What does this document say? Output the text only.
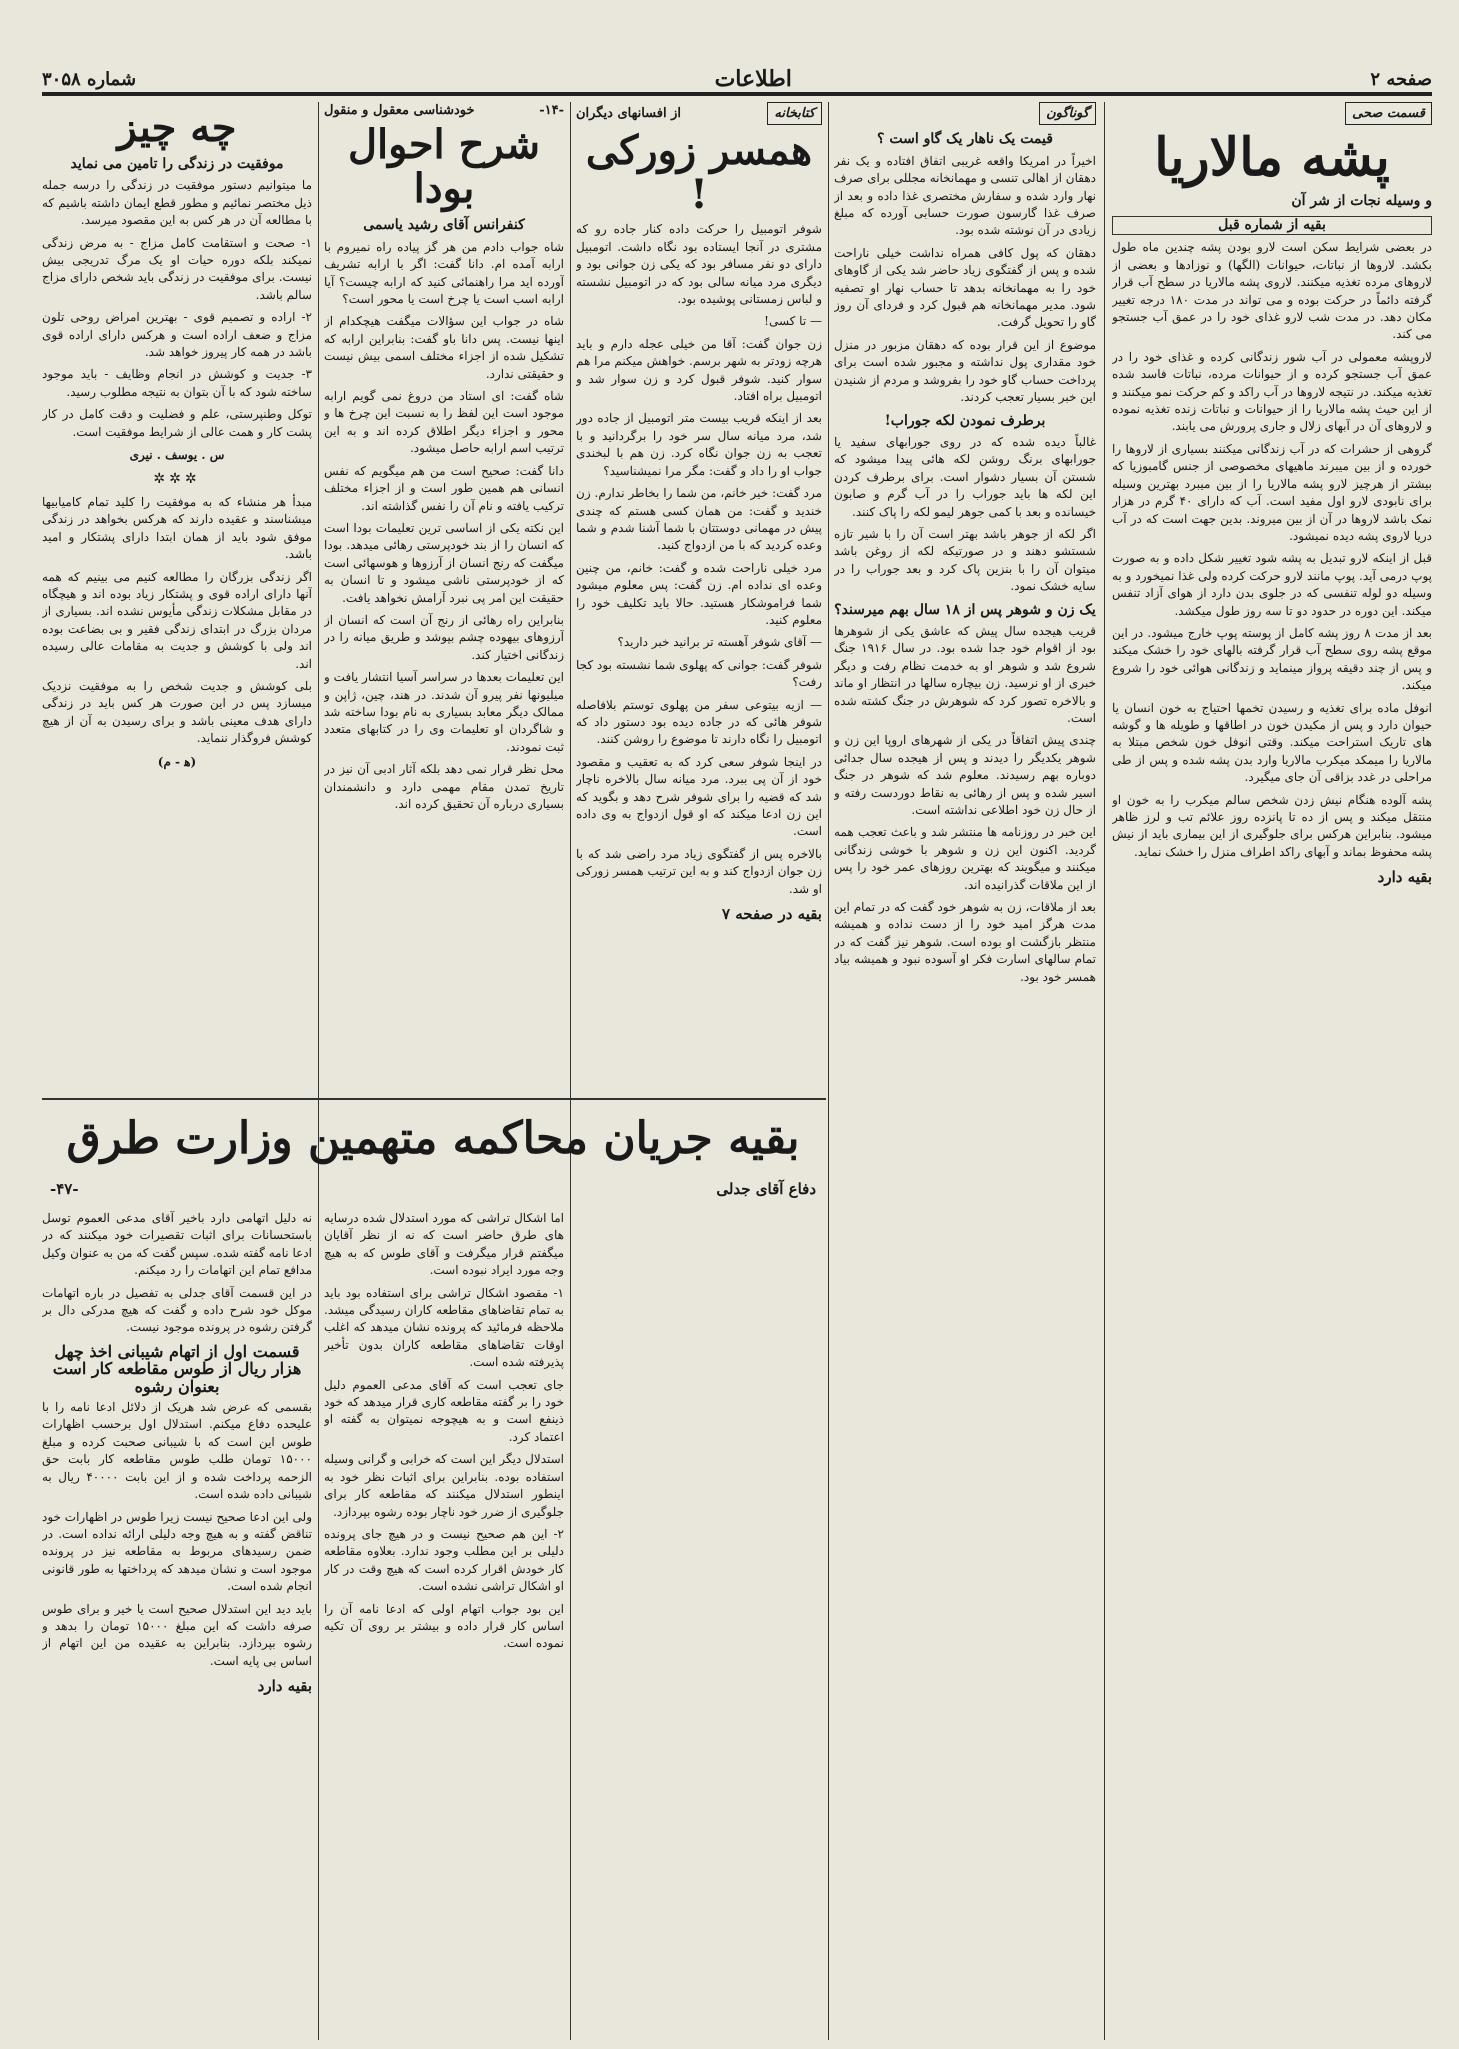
صفحه ۲
اطلاعات
شماره ۳۰۵۸
قسمت صحی
پشه مالاریا
و وسیله نجات از شر آن
بقیه از شماره قبل

در بعضی شرایط سکن است لارو بودن پشه چندین ماه طول بکشد. لاروها از نباتات، حیوانات (الگها) و نوزادها و بعضی از لاروهای مرده تغذیه میکنند. لاروی پشه مالاریا در سطح آب قرار گرفته دائماً در حرکت بوده و می تواند در مدت ۱۸۰ درجه تغییر مکان دهد. در مدت شب لارو غذای خود را در عمق آب جستجو می کند.

لاروپشه معمولی در آب شور زندگانی کرده و غذای خود را در عمق آب جستجو کرده و از حیوانات مرده، نباتات فاسد شده تغذیه میکند. در نتیجه لاروها در آب راکد و کم حرکت نمو میکنند و از این حیث پشه مالاریا را از حیوانات و نباتات زنده تغذیه نموده و لاروهای آن در آبهای زلال و جاری پرورش می یابند.

گروهی از حشرات که در آب زندگانی میکنند بسیاری از لاروها را خورده و از بین میبرند ماهیهای مخصوصی از جنس گامبوزیا که بیشتر از هرچیز لارو پشه مالاریا را از بین میبرد بهترین وسیله برای نابودی لارو اول مفید است. آب که دارای ۴۰ گرم در هزار نمک باشد لاروها در آن از بین میروند. بدین جهت است که در آب دریا لاروی پشه دیده نمیشود.

قبل از اینکه لارو تبدیل به پشه شود تغییر شکل داده و به صورت پوپ درمی آید. پوپ مانند لارو حرکت کرده ولی غذا نمیخورد و به وسیله دو لوله تنفسی که در جلوی بدن دارد از هوای آزاد تنفس میکند. این دوره در حدود دو تا سه روز طول میکشد.

بعد از مدت ۸ روز پشه کامل از پوسته پوپ خارج میشود. در این موقع پشه روی سطح آب قرار گرفته بالهای خود را خشک میکند و پس از چند دقیقه پرواز مینماید و زندگانی هوائی خود را شروع میکند.

انوفل ماده برای تغذیه و رسیدن تخمها احتیاج به خون انسان یا حیوان دارد و پس از مکیدن خون در اطاقها و طویله ها و گوشه های تاریک استراحت میکند. وقتی انوفل خون شخص مبتلا به مالاریا را میمکد میکرب مالاریا وارد بدن پشه شده و پس از طی مراحلی در غدد بزاقی آن جای میگیرد.

پشه آلوده هنگام نیش زدن شخص سالم میکرب را به خون او منتقل میکند و پس از ده تا پانزده روز علائم تب و لرز ظاهر میشود. بنابراین هرکس برای جلوگیری از این بیماری باید از نیش پشه محفوظ بماند و آبهای راکد اطراف منزل را خشک نماید.

بقیه دارد
گوناگون
قیمت یک ناهار یک گاو است ؟

اخیراً در امریکا واقعه غریبی اتفاق افتاده و یک نفر دهقان از اهالی تنسی و مهمانخانه مجللی برای صرف نهار وارد شده و سفارش مختصری غذا داده و بعد از صرف غذا گارسون صورت حسابی آورده که مبلغ زیادی در آن نوشته شده بود.

دهقان که پول کافی همراه نداشت خیلی ناراحت شده و پس از گفتگوی زیاد حاضر شد یکی از گاوهای خود را به مهمانخانه بدهد تا حساب نهار او تصفیه شود. مدیر مهمانخانه هم قبول کرد و فردای آن روز گاو را تحویل گرفت.

موضوع از این قرار بوده که دهقان مزبور در منزل خود مقداری پول نداشته و مجبور شده است برای پرداخت حساب گاو خود را بفروشد و مردم از شنیدن این خبر بسیار تعجب کردند.

برطرف نمودن لکه جوراب!

غالباً دیده شده که در روی جورابهای سفید یا جورابهای برنگ روشن لکه هائی پیدا میشود که شستن آن بسیار دشوار است. برای برطرف کردن این لکه ها باید جوراب را در آب گرم و صابون خیسانده و بعد با کمی جوهر لیمو لکه را پاک کنند.

اگر لکه از جوهر باشد بهتر است آن را با شیر تازه شستشو دهند و در صورتیکه لکه از روغن باشد میتوان آن را با بنزین پاک کرد و بعد جوراب را در سایه خشک نمود.

یک زن و شوهر پس از ۱۸ سال بهم میرسند؟

قریب هیجده سال پیش که عاشق یکی از شوهرها بود از اقوام خود جدا شده بود. در سال ۱۹۱۶ جنگ شروع شد و شوهر او به خدمت نظام رفت و دیگر خبری از او نرسید. زن بیچاره سالها در انتظار او ماند و بالاخره تصور کرد که شوهرش در جنگ کشته شده است.

چندی پیش اتفاقاً در یکی از شهرهای اروپا این زن و شوهر یکدیگر را دیدند و پس از هیجده سال جدائی دوباره بهم رسیدند. معلوم شد که شوهر در جنگ اسیر شده و پس از رهائی به نقاط دوردست رفته و از حال زن خود اطلاعی نداشته است.

این خبر در روزنامه ها منتشر شد و باعث تعجب همه گردید. اکنون این زن و شوهر با خوشی زندگانی میکنند و میگویند که بهترین روزهای عمر خود را پس از این ملاقات گذرانیده اند.

بعد از ملاقات، زن به شوهر خود گفت که در تمام این مدت هرگز امید خود را از دست نداده و همیشه منتظر بازگشت او بوده است. شوهر نیز گفت که در تمام سالهای اسارت فکر او آسوده نبود و همیشه بیاد همسر خود بود.

کتابخانه
از افسانهای دیگران
همسر زورکی !

شوفر اتومبیل را حرکت داده کنار جاده رو که مشتری در آنجا ایستاده بود نگاه داشت. اتومبیل دارای دو نفر مسافر بود که یکی زن جوانی بود و دیگری مرد میانه سالی بود که در اتومبیل نشسته و لباس زمستانی پوشیده بود.

— تا کسی!

زن جوان گفت: آقا من خیلی عجله دارم و باید هرچه زودتر به شهر برسم. خواهش میکنم مرا هم سوار کنید. شوفر قبول کرد و زن سوار شد و اتومبیل براه افتاد.

بعد از اینکه قریب بیست متر اتومبیل از جاده دور شد، مرد میانه سال سر خود را برگردانید و با تعجب به زن جوان نگاه کرد. زن هم با لبخندی جواب او را داد و گفت: مگر مرا نمیشناسید؟

مرد گفت: خیر خانم، من شما را بخاطر ندارم. زن خندید و گفت: من همان کسی هستم که چندی پیش در مهمانی دوستتان با شما آشنا شدم و شما وعده کردید که با من ازدواج کنید.

مرد خیلی ناراحت شده و گفت: خانم، من چنین وعده ای نداده ام. زن گفت: پس معلوم میشود شما فراموشکار هستید. حالا باید تکلیف خود را معلوم کنید.

— آقای شوفر آهسته تر برانید خبر دارید؟

شوفر گفت: جوانی که پهلوی شما نشسته بود کجا رفت؟

— ازیه بیتوعی سفر من پهلوی توستم بلافاصله شوفر هائی که در جاده دیده بود دستور داد که اتومبیل را نگاه دارند تا موضوع را روشن کنند.

در اینجا شوفر سعی کرد که به تعقیب و مقصود خود از آن پی ببرد. مرد میانه سال بالاخره ناچار شد که قضیه را برای شوفر شرح دهد و بگوید که این زن ادعا میکند که او قول ازدواج به وی داده است.

بالاخره پس از گفتگوی زیاد مرد راضی شد که با زن جوان ازدواج کند و به این ترتیب همسر زورکی او شد.

بقیه در صفحه ۷
-۱۴-
خودشناسی معقول و منقول
شرح احوال بودا
کنفرانس آقای رشید یاسمی

شاه جواب دادم من هر گز پیاده راه نمیروم با ارابه آمده ام. دانا گفت: اگر با ارابه تشریف آورده اید مرا راهنمائی کنید که ارابه چیست؟ آیا ارابه اسب است یا چرخ است یا محور است؟

شاه در جواب این سؤالات میگفت هیچکدام از اینها نیست. پس دانا باو گفت: بنابراین ارابه که تشکیل شده از اجزاء مختلف اسمی بیش نیست و حقیقتی ندارد.

شاه گفت: ای استاد من دروغ نمی گویم ارابه موجود است این لفظ را به نسبت این چرخ ها و محور و اجزاء دیگر اطلاق کرده اند و به این ترتیب اسم ارابه حاصل میشود.

دانا گفت: صحیح است من هم میگویم که نفس انسانی هم همین طور است و از اجزاء مختلف ترکیب یافته و نام آن را نفس گذاشته اند.

این نکته یکی از اساسی ترین تعلیمات بودا است که انسان را از بند خودپرستی رهائی میدهد. بودا میگفت که رنج انسان از آرزوها و هوسهائی است که از خودپرستی ناشی میشود و تا انسان به حقیقت این امر پی نبرد آرامش نخواهد یافت.

بنابراین راه رهائی از رنج آن است که انسان از آرزوهای بیهوده چشم بپوشد و طریق میانه را در زندگانی اختیار کند.

این تعلیمات بعدها در سراسر آسیا انتشار یافت و میلیونها نفر پیرو آن شدند. در هند، چین، ژاپن و ممالک دیگر معابد بسیاری به نام بودا ساخته شد و شاگردان او تعلیمات وی را در کتابهای متعدد ثبت نمودند.

محل نظر قرار نمی دهد بلکه آثار ادبی آن نیز در تاریخ تمدن مقام مهمی دارد و دانشمندان بسیاری درباره آن تحقیق کرده اند.

چه چیز
موفقیت در زندگی را تامین می نماید

ما میتوانیم دستور موفقیت در زندگی را درسه جمله ذیل مختصر نمائیم و مطور قطع ایمان داشته باشیم که با مطالعه آن در هر کس به این مقصود میرسد.

۱- صحت و استقامت کامل مزاج - به مرض زندگی نمیکند بلکه دوره حیات او یک مرگ تدریجی بیش نیست. برای موفقیت در زندگی باید شخص دارای مزاج سالم باشد.

۲- اراده و تصمیم قوی - بهترین امراض روحی تلون مزاج و ضعف اراده است و هرکس دارای اراده قوی باشد در همه کار پیروز خواهد شد.

۳- جدیت و کوشش در انجام وظایف - باید موجود ساخته شود که با آن بتوان به نتیجه مطلوب رسید.

توکل وطنپرستی، علم و فضلیت و دقت کامل در کار پشت کار و همت عالی از شرایط موفقیت است.

س . یوسف . نیری
✲✲✲

مبدأ هر منشاء که به موفقیت را کلید تمام کامیابیها میشناسند و عقیده دارند که هرکس بخواهد در زندگی موفق شود باید از همان ابتدا دارای پشتکار و امید باشد.

اگر زندگی بزرگان را مطالعه کنیم می بینیم که همه آنها دارای اراده قوی و پشتکار زیاد بوده اند و هیچگاه در مقابل مشکلات زندگی مأیوس نشده اند. بسیاری از مردان بزرگ در ابتدای زندگی فقیر و بی بضاعت بوده اند ولی با کوشش و جدیت به مقامات عالی رسیده اند.

بلی کوشش و جدیت شخص را به موفقیت نزدیک میسازد پس در این صورت هر کس باید در زندگی دارای هدف معینی باشد و برای رسیدن به آن از هیچ کوشش فروگذار ننماید.

(ﻫ - م)
بقیه جریان محاکمه متهمین وزارت طرق
دفاع آقای جدلی
-۴۷-

اما اشکال تراشی که مورد استدلال شده درسایه های طرق حاضر است که نه از نظر آقایان میگفتم قرار میگرفت و آقای طوس که به هیچ وجه مورد ایراد نبوده است.

۱- مقصود اشکال تراشی برای استفاده بود باید به تمام تقاضاهای مقاطعه کاران رسیدگی میشد. ملاحظه فرمائید که پرونده نشان میدهد که اغلب اوقات تقاضاهای مقاطعه کاران بدون تأخیر پذیرفته شده است.

جای تعجب است که آقای مدعی العموم دلیل خود را بر گفته مقاطعه کاری قرار میدهد که خود ذینفع است و به هیچوجه نمیتوان به گفته او اعتماد کرد.

استدلال دیگر این است که خرابی و گرانی وسیله استفاده بوده. بنابراین برای اثبات نظر خود به اینطور استدلال میکنند که مقاطعه کار برای جلوگیری از ضرر خود ناچار بوده رشوه بپردازد.

۲- این هم صحیح نیست و در هیچ جای پرونده دلیلی بر این مطلب وجود ندارد. بعلاوه مقاطعه کار خودش اقرار کرده است که هیچ وقت در کار او اشکال تراشی نشده است.

این بود جواب اتهام اولی که ادعا نامه آن را اساس کار قرار داده و بیشتر بر روی آن تکیه نموده است.

نه دلیل اتهامی دارد باخیر آقای مدعی العموم توسل باستحسانات برای اثبات تقصیرات خود میکنند که در ادعا نامه گفته شده. سپس گفت که من به عنوان وکیل مدافع تمام این اتهامات را رد میکنم.

در این قسمت آقای جدلی به تفصیل در باره اتهامات موکل خود شرح داده و گفت که هیچ مدرکی دال بر گرفتن رشوه در پرونده موجود نیست.

قسمت اول از اتهام شیبانی اخذ چهل هزار ریال از طوس مقاطعه کار است بعنوان رشوه

بقسمی که عرض شد هریک از دلائل ادعا نامه را با علیحده دفاع میکنم. استدلال اول برحسب اظهارات طوس این است که با شیبانی صحبت کرده و مبلغ ۱۵۰۰۰ تومان طلب طوس مقاطعه کار بابت حق الزحمه پرداخت شده و از این بابت ۴۰۰۰۰ ریال به شیبانی داده شده است.

ولی این ادعا صحیح نیست زیرا طوس در اظهارات خود تناقض گفته و به هیچ وجه دلیلی ارائه نداده است. در ضمن رسیدهای مربوط به مقاطعه نیز در پرونده موجود است و نشان میدهد که پرداختها به طور قانونی انجام شده است.

باید دید این استدلال صحیح است یا خیر و برای طوس صرفه داشت که این مبلغ ۱۵۰۰۰ تومان را بدهد و رشوه بپردازد. بنابراین به عقیده من این اتهام از اساس بی پایه است.

بقیه دارد
